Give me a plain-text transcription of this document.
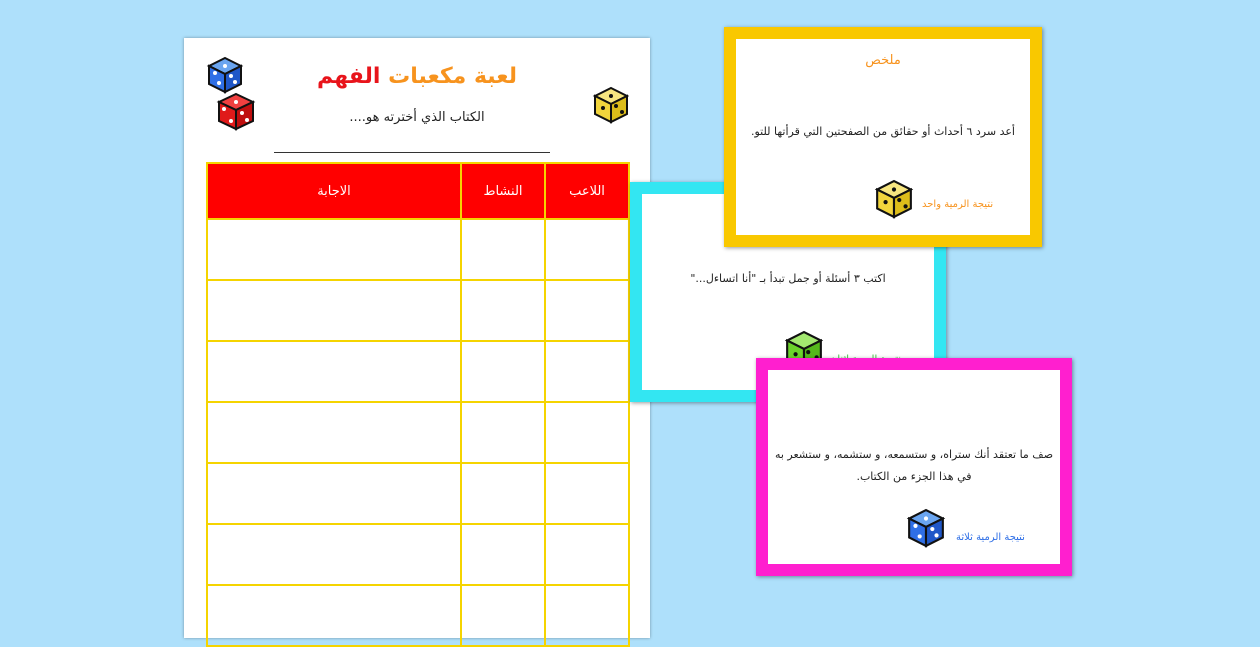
لعبة مكعبات الفهم
الكتاب الذي أخترته هو....
اللاعب	النشاط	الاجابة

اكتب ٣ أسئلة أو جمل تبدأ بـ "أنا اتساءل..."
ملخص
أعد سرد ٦ أحداث أو حقائق من الصفحتين التي قرأتها للتو.
نتيجة الرمية واحد
صف ما تعتقد أنك ستراه، و ستسمعه، و ستشمه، و ستشعر به في هذا الجزء من الكتاب.
نتيجة الرمية ثلاثة
